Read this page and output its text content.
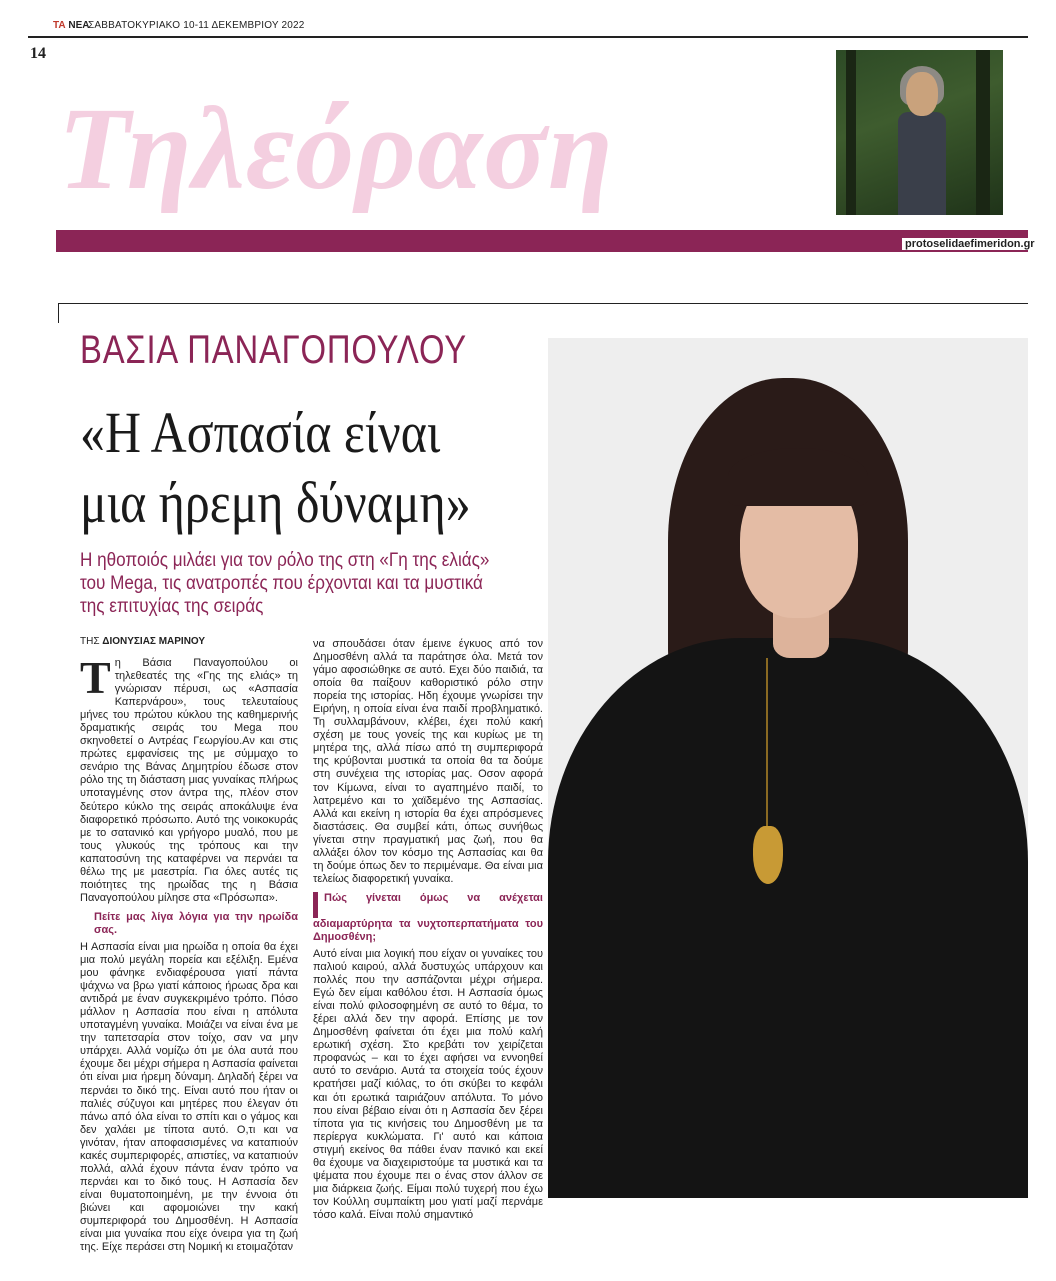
ΤΑ ΝΕΑ
ΣΑΒΒΑΤΟΚΥΡΙΑΚΟ 10-11 ΔΕΚΕΜΒΡΙΟΥ 2022
14
Τηλεόραση
protoselidaefimeridon.gr
ΒΑΣΙΑ ΠΑΝΑΓΟΠΟΥΛΟΥ
«Η Ασπασία είναι
μια ήρεμη δύναμη»
Η ηθοποιός μιλάει για τον ρόλο της στη «Γη της ελιάς» του Mega, τις ανατροπές που έρχονται και τα μυστικά της επιτυχίας της σειράς
ΤΗΣ ΔΙΟΝΥΣΙΑΣ ΜΑΡΙΝΟΥ

Τη Βάσια Παναγοπούλου οι τηλεθεατές της «Γης της ελιάς» τη γνώρισαν πέρυσι, ως «Ασπασία Καπερνάρου», τους τελευταίους μήνες του πρώτου κύκλου της καθημερινής δραματικής σειράς του Mega που σκηνοθετεί ο Αντρέας Γεωργίου.Αν και στις πρώτες εμφανίσεις της με σύμμαχο το σενάριο της Βάνας Δημητρίου έδωσε στον ρόλο της τη διάσταση μιας γυναίκας πλήρως υποταγμένης στον άντρα της, πλέον στον δεύτερο κύκλο της σειράς αποκάλυψε ένα διαφορετικό πρόσωπο. Αυτό της νοικοκυράς με το σατανικό και γρήγορο μυαλό, που με τους γλυκούς της τρόπους και την καπατοσύνη της καταφέρνει να περνάει τα θέλω της με μαεστρία. Για όλες αυτές τις ποιότητες της ηρωίδας της η Βάσια Παναγοπούλου μίλησε στα «Πρόσωπα».

Πείτε μας λίγα λόγια για την ηρωίδα σας.

Η Ασπασία είναι μια ηρωίδα η οποία θα έχει μια πολύ μεγάλη πορεία και εξέλιξη. Εμένα μου φάνηκε ενδιαφέρουσα γιατί πάντα ψάχνω να βρω γιατί κάποιος ήρωας δρα και αντιδρά με έναν συγκεκριμένο τρόπο. Πόσο μάλλον η Ασπασία που είναι η απόλυτα υποταγμένη γυναίκα. Μοιάζει να είναι ένα με την ταπετσαρία στον τοίχο, σαν να μην υπάρχει. Αλλά νομίζω ότι με όλα αυτά που έχουμε δει μέχρι σήμερα η Ασπασία φαίνεται ότι είναι μια ήρεμη δύναμη. Δηλαδή ξέρει να περνάει το δικό της. Είναι αυτό που ήταν οι παλιές σύζυγοι και μητέρες που έλεγαν ότι πάνω από όλα είναι το σπίτι και ο γάμος και δεν χαλάει με τίποτα αυτό. Ο,τι και να γινόταν, ήταν αποφασισμένες να καταπιούν κακές συμπεριφορές, απιστίες, να καταπιούν πολλά, αλλά έχουν πάντα έναν τρόπο να περνάει και το δικό τους. Η Ασπασία δεν είναι θυματοποιημένη, με την έννοια ότι βιώνει και αφομοιώνει την κακή συμπεριφορά του Δημοσθένη. Η Ασπασία είναι μια γυναίκα που είχε όνειρα για τη ζωή της. Είχε περάσει στη Νομική κι ετοιμαζόταν

να σπουδάσει όταν έμεινε έγκυος από τον Δημοσθένη αλλά τα παράτησε όλα. Μετά τον γάμο αφοσιώθηκε σε αυτό. Εχει δύο παιδιά, τα οποία θα παίξουν καθοριστικό ρόλο στην πορεία της ιστορίας. Ηδη έχουμε γνωρίσει την Ειρήνη, η οποία είναι ένα παιδί προβληματικό. Τη συλλαμβάνουν, κλέβει, έχει πολύ κακή σχέση με τους γονείς της και κυρίως με τη μητέρα της, αλλά πίσω από τη συμπεριφορά της κρύβονται μυστικά τα οποία θα τα δούμε στη συνέχεια της ιστορίας μας. Οσον αφορά τον Κίμωνα, είναι το αγαπημένο παιδί, το λατρεμένο και το χαϊδεμένο της Ασπασίας. Αλλά και εκείνη η ιστορία θα έχει απρόσμενες διαστάσεις. Θα συμβεί κάτι, όπως συνήθως γίνεται στην πραγματική μας ζωή, που θα αλλάξει όλον τον κόσμο της Ασπασίας και θα τη δούμε όπως δεν το περιμέναμε. Θα είναι μια τελείως διαφορετική γυναίκα.

Πώς γίνεται όμως να ανέχεται αδιαμαρτύρητα τα νυχτοπερπατήματα του Δημοσθένη;

Αυτό είναι μια λογική που είχαν οι γυναίκες του παλιού καιρού, αλλά δυστυχώς υπάρχουν και πολλές που την ασπάζονται μέχρι σήμερα. Εγώ δεν είμαι καθόλου έτσι. Η Ασπασία όμως είναι πολύ φιλοσοφημένη σε αυτό το θέμα, το ξέρει αλλά δεν την αφορά. Επίσης με τον Δημοσθένη φαίνεται ότι έχει μια πολύ καλή ερωτική σχέση. Στο κρεβάτι τον χειρίζεται προφανώς – και το έχει αφήσει να εννοηθεί αυτό το σενάριο. Αυτά τα στοιχεία τούς έχουν κρατήσει μαζί κιόλας, το ότι σκύβει το κεφάλι και ότι ερωτικά ταιριάζουν απόλυτα. Το μόνο που είναι βέβαιο είναι ότι η Ασπασία δεν ξέρει τίποτα για τις κινήσεις του Δημοσθένη με τα περίεργα κυκλώματα. Γι' αυτό και κάποια στιγμή εκείνος θα πάθει έναν πανικό και εκεί θα έχουμε να διαχειριστούμε τα μυστικά και τα ψέματα που έχουμε πει ο ένας στον άλλον σε μια διάρκεια ζωής. Είμαι πολύ τυχερή που έχω τον Κούλλη συμπαίκτη μου γιατί μαζί περνάμε τόσο καλά. Είναι πολύ σημαντικό
